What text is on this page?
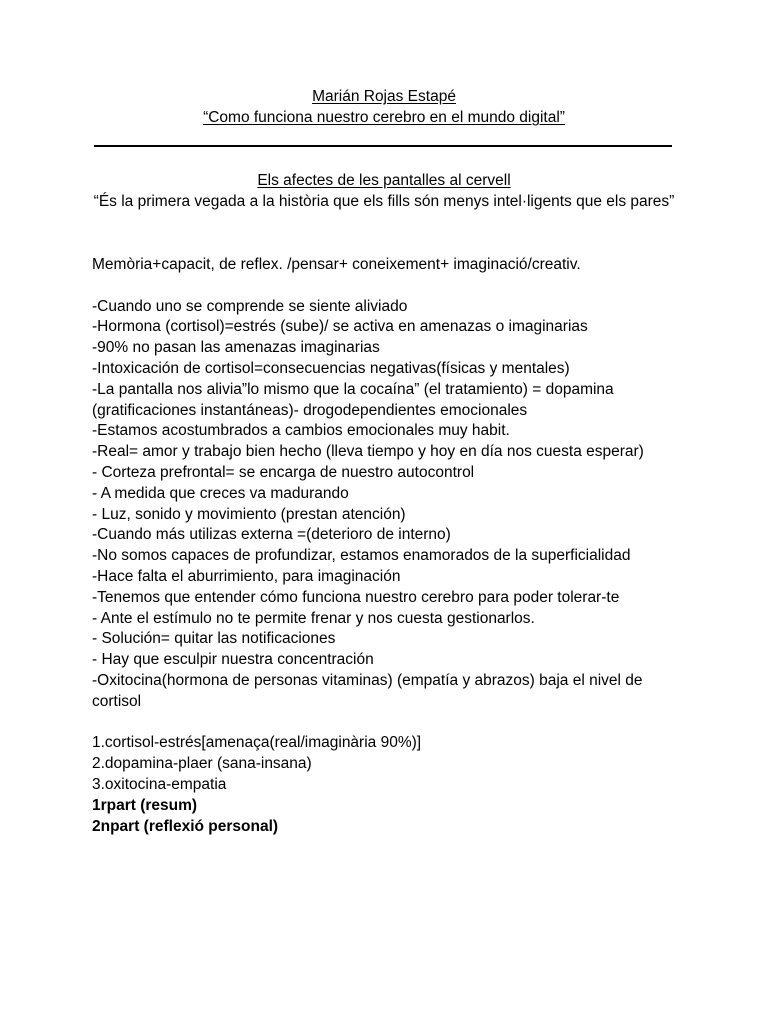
Marián Rojas Estapé
“Como funciona nuestro cerebro en el mundo digital”
Els afectes de les pantalles al cervell
“És la primera vegada a la història que els fills són menys intel·ligents que els pares”

Memòria+capacit, de reflex. /pensar+ coneixement+ imaginació/creativ.

-Cuando uno se comprende se siente aliviado

-Hormona (cortisol)=estrés (sube)/ se activa en amenazas o imaginarias

-90% no pasan las amenazas imaginarias

-Intoxicación de cortisol=consecuencias negativas(físicas y mentales)

-La pantalla nos alivia”lo mismo que la cocaína” (el tratamiento) = dopamina (gratificaciones instantáneas)- drogodependientes emocionales

-Estamos acostumbrados a cambios emocionales muy habit.

-Real= amor y trabajo bien hecho (lleva tiempo y hoy en día nos cuesta esperar)

- Corteza prefrontal= se encarga de nuestro autocontrol

- A medida que creces va madurando

- Luz, sonido y movimiento (prestan atención)

-Cuando más utilizas externa =(deterioro de interno)

-No somos capaces de profundizar, estamos enamorados de la superficialidad

-Hace falta el aburrimiento, para imaginación

-Tenemos que entender cómo funciona nuestro cerebro para poder tolerar-te

- Ante el estímulo no te permite frenar y nos cuesta gestionarlos.

- Solución= quitar las notificaciones

- Hay que esculpir nuestra concentración

-Oxitocina(hormona de personas vitaminas) (empatía y abrazos) baja el nivel de cortisol

1.cortisol-estrés[amenaça(real/imaginària 90%)]

2.dopamina-plaer (sana-insana)

3.oxitocina-empatia

1rpart (resum)

2npart (reflexió personal)
